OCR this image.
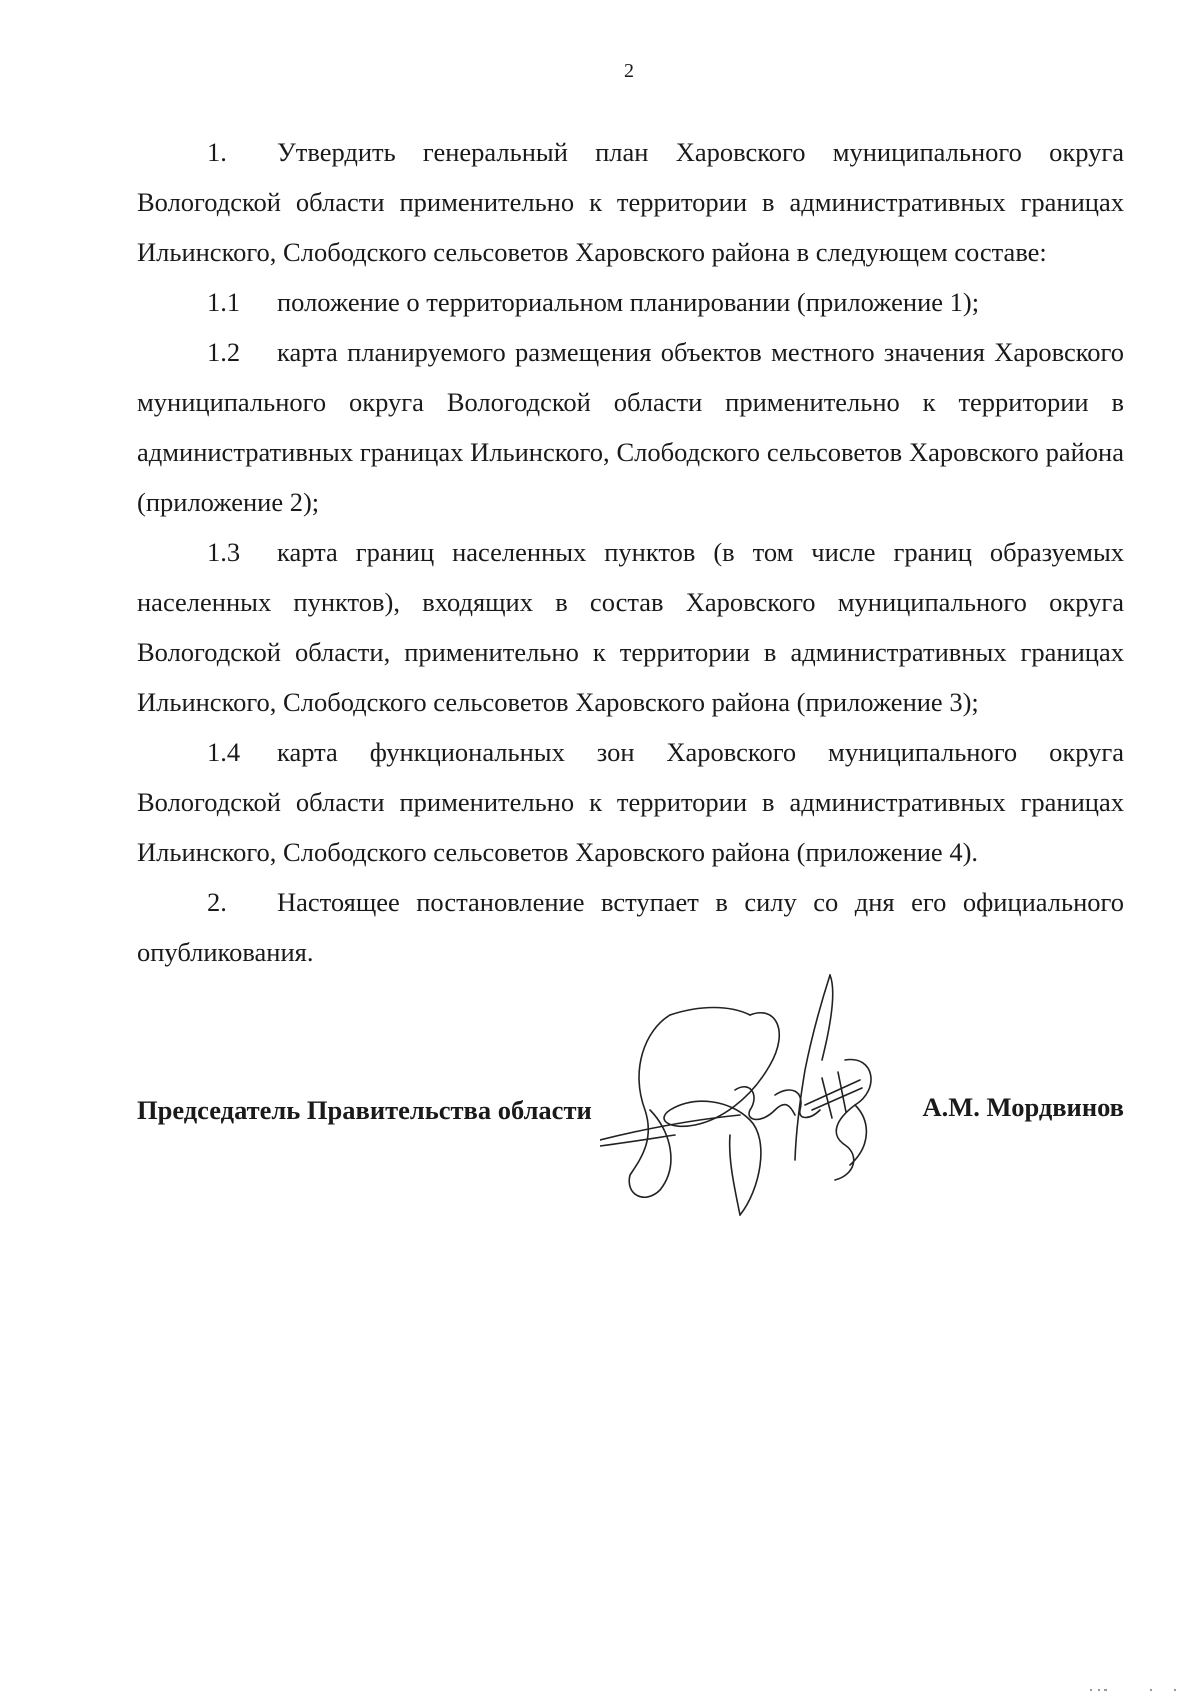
2

1. Утвердить генеральный план Харовского муниципального округа Вологодской области применительно к территории в административных границах Ильинского, Слободского сельсоветов Харовского района в следующем составе:

1.1 положение о территориальном планировании (приложение 1);

1.2 карта планируемого размещения объектов местного значения Харовского муниципального округа Вологодской области применительно к территории в административных границах Ильинского, Слободского сельсоветов Харовского района (приложение 2);

1.3 карта границ населенных пунктов (в том числе границ образуемых населенных пунктов), входящих в состав Харовского муниципального округа Вологодской области, применительно к территории в административных границах Ильинского, Слободского сельсоветов Харовского района (приложение 3);

1.4 карта функциональных зон Харовского муниципального округа Вологодской области применительно к территории в административных границах Ильинского, Слободского сельсоветов Харовского района (приложение 4).

2. Настоящее постановление вступает в силу со дня его официального опубликования.

Председатель Правительства области	А.М. Мордвинов
